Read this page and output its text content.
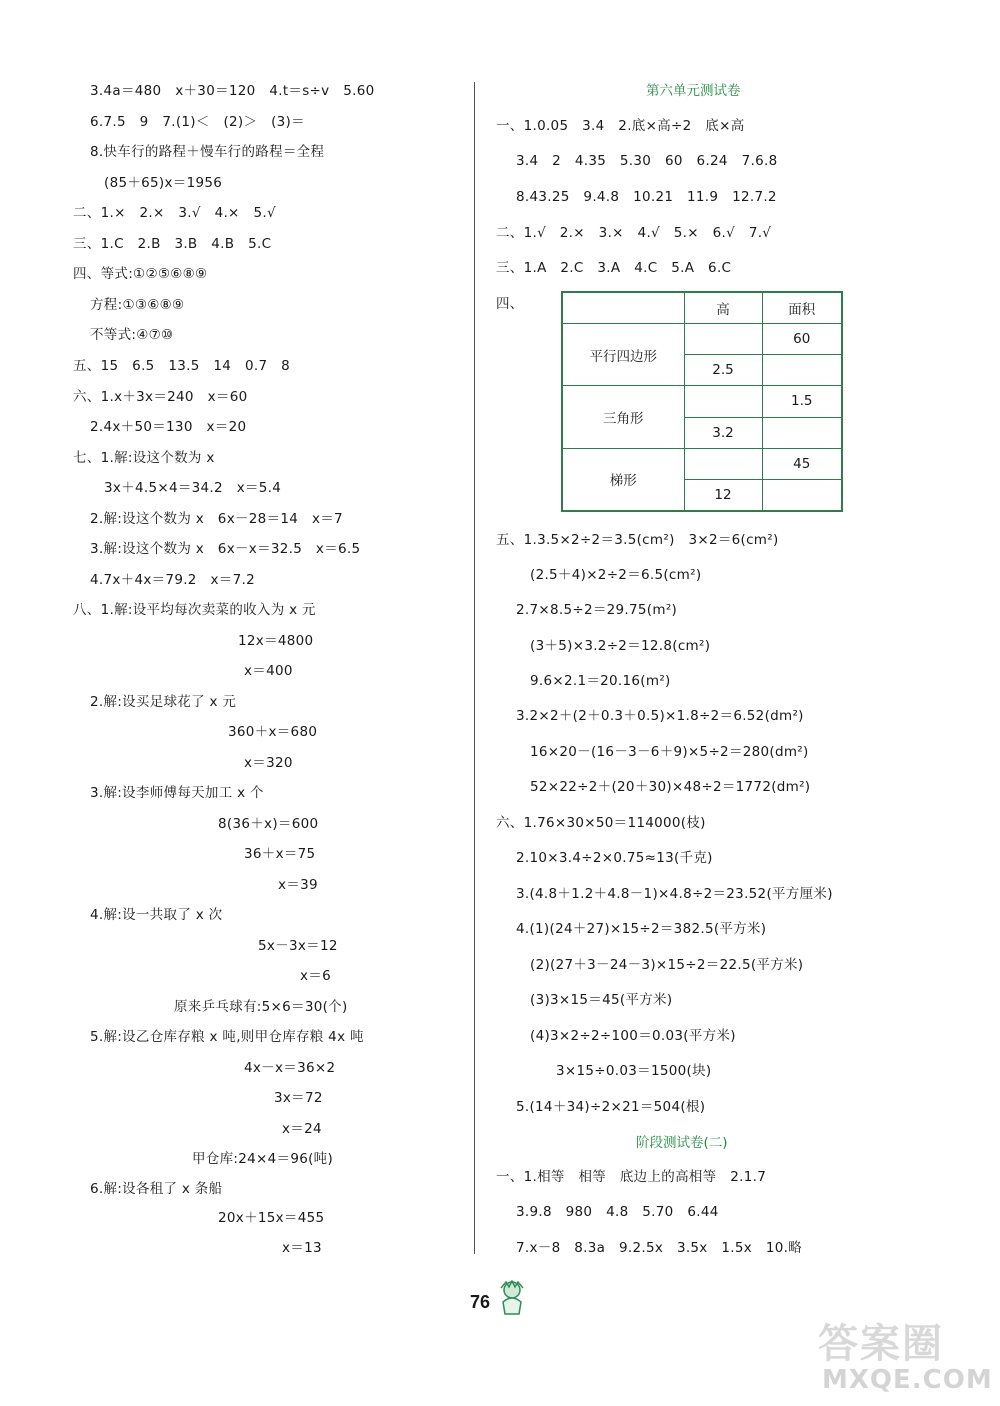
3.4a＝480　x＋30＝120　4.t＝s÷v　5.60
6.7.5　9　7.(1)＜　(2)＞　(3)＝
8.快车行的路程＋慢车行的路程＝全程
(85＋65)x＝1956
二、1.×　2.×　3.√　4.×　5.√
三、1.C　2.B　3.B　4.B　5.C
四、等式:①②⑤⑥⑧⑨
方程:①③⑥⑧⑨
不等式:④⑦⑩
五、15　6.5　13.5　14　0.7　8
六、1.x＋3x＝240　x＝60
2.4x＋50＝130　x＝20
七、1.解:设这个数为 x
3x＋4.5×4＝34.2　x＝5.4
2.解:设这个数为 x　6x－28＝14　x＝7
3.解:设这个数为 x　6x－x＝32.5　x＝6.5
4.7x＋4x＝79.2　x＝7.2
八、1.解:设平均每次卖菜的收入为 x 元
12x＝4800
x＝400
2.解:设买足球花了 x 元
360＋x＝680
x＝320
3.解:设李师傅每天加工 x 个
8(36＋x)＝600
36＋x＝75
x＝39
4.解:设一共取了 x 次
5x－3x＝12
x＝6
原来乒乓球有:5×6＝30(个)
5.解:设乙仓库存粮 x 吨,则甲仓库存粮 4x 吨
4x－x＝36×2
3x＝72
x＝24
甲仓库:24×4＝96(吨)
6.解:设各租了 x 条船
20x＋15x＝455
x＝13
一、1.0.05　3.4　2.底×高÷2　底×高
3.4　2　4.35　5.30　60　6.24　7.6.8
8.43.25　9.4.8　10.21　11.9　12.7.2
二、1.√　2.×　3.×　4.√　5.×　6.√　7.√
三、1.A　2.C　3.A　4.C　5.A　6.C
四、
五、1.3.5×2÷2＝3.5(cm²)　3×2＝6(cm²)
(2.5＋4)×2÷2＝6.5(cm²)
2.7×8.5÷2＝29.75(m²)
(3＋5)×3.2÷2＝12.8(cm²)
9.6×2.1＝20.16(m²)
3.2×2＋(2＋0.3＋0.5)×1.8÷2＝6.52(dm²)
16×20－(16－3－6＋9)×5÷2＝280(dm²)
52×22÷2＋(20＋30)×48÷2＝1772(dm²)
六、1.76×30×50＝114000(枝)
2.10×3.4÷2×0.75≈13(千克)
3.(4.8＋1.2＋4.8－1)×4.8÷2＝23.52(平方厘米)
4.(1)(24＋27)×15÷2＝382.5(平方米)
(2)(27＋3－24－3)×15÷2＝22.5(平方米)
(3)3×15＝45(平方米)
(4)3×2÷2÷100＝0.03(平方米)
3×15÷0.03＝1500(块)
5.(14＋34)÷2×21＝504(根)
一、1.相等　相等　底边上的高相等　2.1.7
3.9.8　980　4.8　5.70　6.44
7.x－8　8.3a　9.2.5x　3.5x　1.5x　10.略
第六单元测试卷
阶段测试卷(二)
	高	面积
平行四边形		60
	2.5	
三角形		1.5
	3.2	
梯形		45
	12	
76
答案圈
MXQE.COM
